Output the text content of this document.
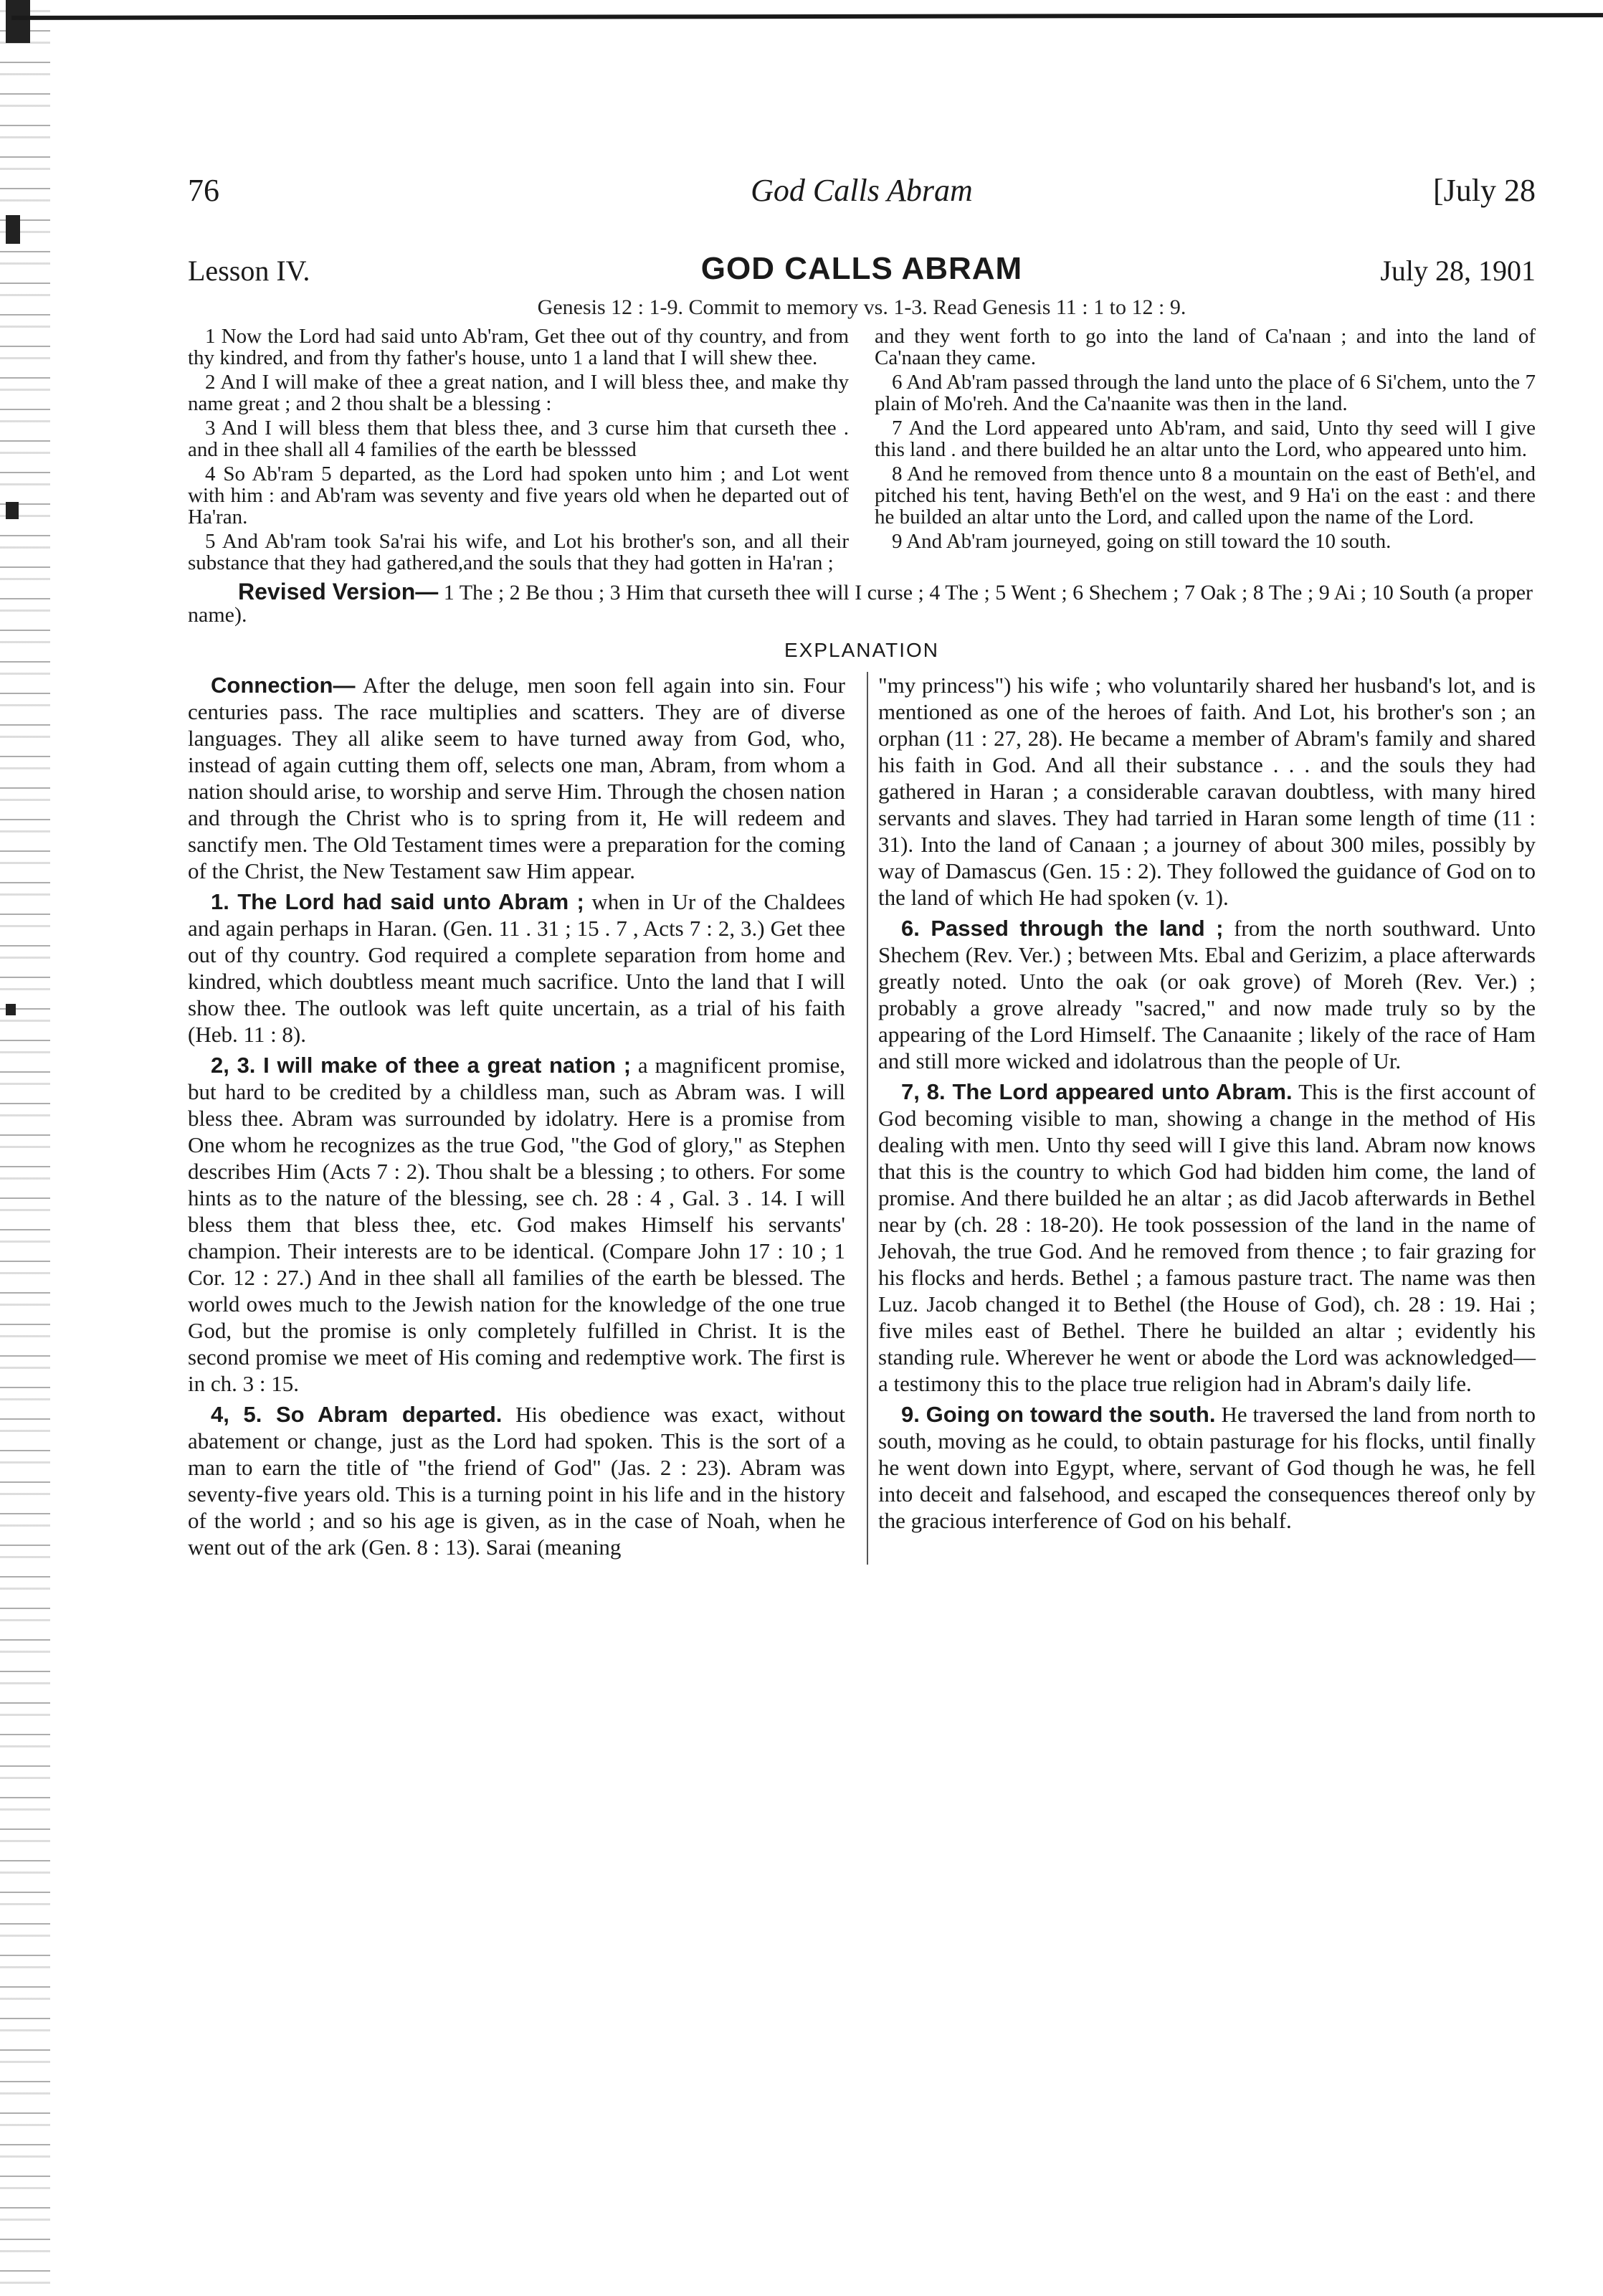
76	God Calls Abram	[July 28
Lesson IV.	GOD CALLS ABRAM	July 28, 1901
Genesis 12 : 1-9. Commit to memory vs. 1-3. Read Genesis 11 : 1 to 12 : 9.

1 Now the Lord had said unto Ab'ram, Get thee out of thy country, and from thy kindred, and from thy father's house, unto 1 a land that I will shew thee.

2 And I will make of thee a great nation, and I will bless thee, and make thy name great ; and 2 thou shalt be a blessing :

3 And I will bless them that bless thee, and 3 curse him that curseth thee . and in thee shall all 4 families of the earth be blesssed

4 So Ab'ram 5 departed, as the Lord had spoken unto him ; and Lot went with him : and Ab'ram was seventy and five years old when he departed out of Ha'ran.

5 And Ab'ram took Sa'rai his wife, and Lot his brother's son, and all their substance that they had gathered,and the souls that they had gotten in Ha'ran ;

and they went forth to go into the land of Ca'naan ; and into the land of Ca'naan they came.

6 And Ab'ram passed through the land unto the place of 6 Si'chem, unto the 7 plain of Mo'reh. And the Ca'naanite was then in the land.

7 And the Lord appeared unto Ab'ram, and said, Unto thy seed will I give this land . and there builded he an altar unto the Lord, who appeared unto him.

8 And he removed from thence unto 8 a mountain on the east of Beth'el, and pitched his tent, having Beth'el on the west, and 9 Ha'i on the east : and there he builded an altar unto the Lord, and called upon the name of the Lord.

9 And Ab'ram journeyed, going on still toward the 10 south.

Revised Version— 1 The ; 2 Be thou ; 3 Him that curseth thee will I curse ; 4 The ; 5 Went ; 6 Shechem ; 7 Oak ; 8 The ; 9 Ai ; 10 South (a proper name).
EXPLANATION

Connection— After the deluge, men soon fell again into sin. Four centuries pass. The race multiplies and scatters. They are of diverse languages. They all alike seem to have turned away from God, who, instead of again cutting them off, selects one man, Abram, from whom a nation should arise, to worship and serve Him. Through the chosen nation and through the Christ who is to spring from it, He will redeem and sanctify men. The Old Testament times were a preparation for the coming of the Christ, the New Testament saw Him appear.

1. The Lord had said unto Abram ; when in Ur of the Chaldees and again perhaps in Haran. (Gen. 11 . 31 ; 15 . 7 , Acts 7 : 2, 3.) Get thee out of thy country. God required a complete separation from home and kindred, which doubtless meant much sacrifice. Unto the land that I will show thee. The outlook was left quite uncertain, as a trial of his faith (Heb. 11 : 8).

2, 3. I will make of thee a great nation ; a magnificent promise, but hard to be credited by a childless man, such as Abram was. I will bless thee. Abram was surrounded by idolatry. Here is a promise from One whom he recognizes as the true God, "the God of glory," as Stephen describes Him (Acts 7 : 2). Thou shalt be a blessing ; to others. For some hints as to the nature of the blessing, see ch. 28 : 4 , Gal. 3 . 14. I will bless them that bless thee, etc. God makes Himself his servants' champion. Their interests are to be identical. (Compare John 17 : 10 ; 1 Cor. 12 : 27.) And in thee shall all families of the earth be blessed. The world owes much to the Jewish nation for the knowledge of the one true God, but the promise is only completely fulfilled in Christ. It is the second promise we meet of His coming and redemptive work. The first is in ch. 3 : 15.

4, 5. So Abram departed. His obedience was exact, without abatement or change, just as the Lord had spoken. This is the sort of a man to earn the title of "the friend of God" (Jas. 2 : 23). Abram was seventy-five years old. This is a turning point in his life and in the history of the world ; and so his age is given, as in the case of Noah, when he went out of the ark (Gen. 8 : 13). Sarai (meaning

"my princess") his wife ; who voluntarily shared her husband's lot, and is mentioned as one of the heroes of faith. And Lot, his brother's son ; an orphan (11 : 27, 28). He became a member of Abram's family and shared his faith in God. And all their substance . . . and the souls they had gathered in Haran ; a considerable caravan doubtless, with many hired servants and slaves. They had tarried in Haran some length of time (11 : 31). Into the land of Canaan ; a journey of about 300 miles, possibly by way of Damascus (Gen. 15 : 2). They followed the guidance of God on to the land of which He had spoken (v. 1).

6. Passed through the land ; from the north southward. Unto Shechem (Rev. Ver.) ; between Mts. Ebal and Gerizim, a place afterwards greatly noted. Unto the oak (or oak grove) of Moreh (Rev. Ver.) ; probably a grove already "sacred," and now made truly so by the appearing of the Lord Himself. The Canaanite ; likely of the race of Ham and still more wicked and idolatrous than the people of Ur.

7, 8. The Lord appeared unto Abram. This is the first account of God becoming visible to man, showing a change in the method of His dealing with men. Unto thy seed will I give this land. Abram now knows that this is the country to which God had bidden him come, the land of promise. And there builded he an altar ; as did Jacob afterwards in Bethel near by (ch. 28 : 18-20). He took possession of the land in the name of Jehovah, the true God. And he removed from thence ; to fair grazing for his flocks and herds. Bethel ; a famous pasture tract. The name was then Luz. Jacob changed it to Bethel (the House of God), ch. 28 : 19. Hai ; five miles east of Bethel. There he builded an altar ; evidently his standing rule. Wherever he went or abode the Lord was acknowledged—a testimony this to the place true religion had in Abram's daily life.

9. Going on toward the south. He traversed the land from north to south, moving as he could, to obtain pasturage for his flocks, until finally he went down into Egypt, where, servant of God though he was, he fell into deceit and falsehood, and escaped the consequences thereof only by the gracious interference of God on his behalf.
